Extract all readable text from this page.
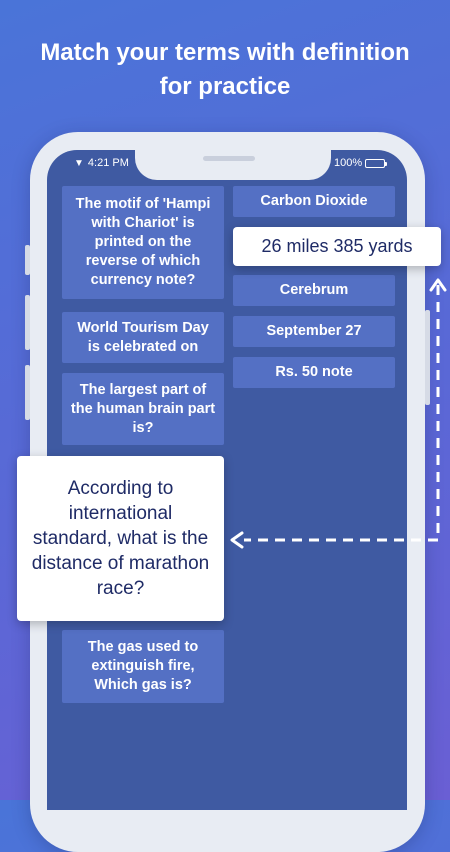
Match your terms with definition
for practice
▼ 4:21 PM	100%
The motif of 'Hampi with Chariot' is printed on the reverse of which currency note?
World Tourism Day is celebrated on
The largest part of the human brain part is?
The gas used to extinguish fire, Which gas is?
Carbon Dioxide
Cerebrum
September 27
Rs. 50 note
According to international standard, what is the distance of marathon race?
26 miles 385 yards
